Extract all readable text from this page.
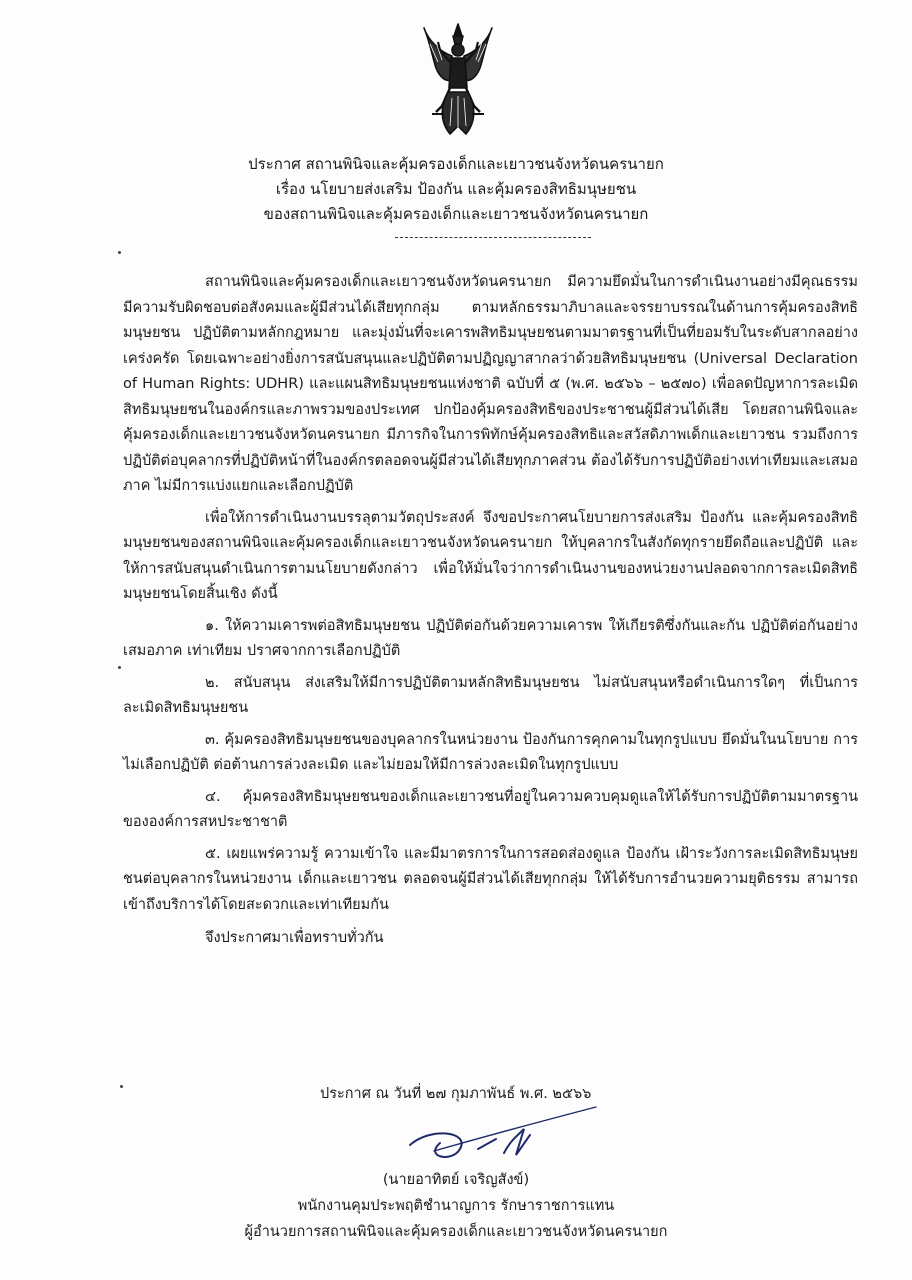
ประกาศ สถานพินิจและคุ้มครองเด็กและเยาวชนจังหวัดนครนายก
เรื่อง นโยบายส่งเสริม ป้องกัน และคุ้มครองสิทธิมนุษยชน
ของสถานพินิจและคุ้มครองเด็กและเยาวชนจังหวัดนครนายก

สถานพินิจและคุ้มครองเด็กและเยาวชนจังหวัดนครนายก มีความยึดมั่นในการดำเนินงานอย่างมีคุณธรรม มีความรับผิดชอบต่อสังคมและผู้มีส่วนได้เสียทุกกลุ่ม ตามหลักธรรมาภิบาลและจรรยาบรรณในด้านการคุ้มครองสิทธิมนุษยชน ปฏิบัติตามหลักกฎหมาย และมุ่งมั่นที่จะเคารพสิทธิมนุษยชนตามมาตรฐานที่เป็นที่ยอมรับในระดับสากลอย่างเคร่งครัด โดยเฉพาะอย่างยิ่งการสนับสนุนและปฏิบัติตามปฏิญญาสากลว่าด้วยสิทธิมนุษยชน (Universal Declaration of Human Rights: UDHR) และแผนสิทธิมนุษยชนแห่งชาติ ฉบับที่ ๕ (พ.ศ. ๒๕๖๖ – ๒๕๗๐) เพื่อลดปัญหาการละเมิดสิทธิมนุษยชนในองค์กรและภาพรวมของประเทศ ปกป้องคุ้มครองสิทธิของประชาชนผู้มีส่วนได้เสีย โดยสถานพินิจและคุ้มครองเด็กและเยาวชนจังหวัดนครนายก มีภารกิจในการพิทักษ์คุ้มครองสิทธิและสวัสดิภาพเด็กและเยาวชน รวมถึงการปฏิบัติต่อบุคลากรที่ปฏิบัติหน้าที่ในองค์กรตลอดจนผู้มีส่วนได้เสียทุกภาคส่วน ต้องได้รับการปฏิบัติอย่างเท่าเทียมและเสมอภาค ไม่มีการแบ่งแยกและเลือกปฏิบัติ

เพื่อให้การดำเนินงานบรรลุตามวัตถุประสงค์ จึงขอประกาศนโยบายการส่งเสริม ป้องกัน และคุ้มครองสิทธิมนุษยชนของสถานพินิจและคุ้มครองเด็กและเยาวชนจังหวัดนครนายก ให้บุคลากรในสังกัดทุกรายยึดถือและปฏิบัติ และให้การสนับสนุนดำเนินการตามนโยบายดังกล่าว เพื่อให้มั่นใจว่าการดำเนินงานของหน่วยงานปลอดจากการละเมิดสิทธิมนุษยชนโดยสิ้นเชิง ดังนี้

๑. ให้ความเคารพต่อสิทธิมนุษยชน ปฏิบัติต่อกันด้วยความเคารพ ให้เกียรติซึ่งกันและกัน ปฏิบัติต่อกันอย่างเสมอภาค เท่าเทียม ปราศจากการเลือกปฏิบัติ

๒. สนับสนุน ส่งเสริมให้มีการปฏิบัติตามหลักสิทธิมนุษยชน ไม่สนับสนุนหรือดำเนินการใดๆ ที่เป็นการละเมิดสิทธิมนุษยชน

๓. คุ้มครองสิทธิมนุษยชนของบุคลากรในหน่วยงาน ป้องกันการคุกคามในทุกรูปแบบ ยึดมั่นในนโยบาย การไม่เลือกปฏิบัติ ต่อต้านการล่วงละเมิด และไม่ยอมให้มีการล่วงละเมิดในทุกรูปแบบ

๔. คุ้มครองสิทธิมนุษยชนของเด็กและเยาวชนที่อยู่ในความควบคุมดูแลให้ได้รับการปฏิบัติตามมาตรฐานขององค์การสหประชาชาติ

๕. เผยแพร่ความรู้ ความเข้าใจ และมีมาตรการในการสอดส่องดูแล ป้องกัน เฝ้าระวังการละเมิดสิทธิมนุษยชนต่อบุคลากรในหน่วยงาน เด็กและเยาวชน ตลอดจนผู้มีส่วนได้เสียทุกกลุ่ม ให้ได้รับการอำนวยความยุติธรรม สามารถเข้าถึงบริการได้โดยสะดวกและเท่าเทียมกัน

จึงประกาศมาเพื่อทราบทั่วกัน

ประกาศ ณ วันที่ ๒๗ กุมภาพันธ์ พ.ศ. ๒๕๖๖
(นายอาทิตย์ เจริญสังข์)
พนักงานคุมประพฤติชำนาญการ รักษาราชการแทน
ผู้อำนวยการสถานพินิจและคุ้มครองเด็กและเยาวชนจังหวัดนครนายก
